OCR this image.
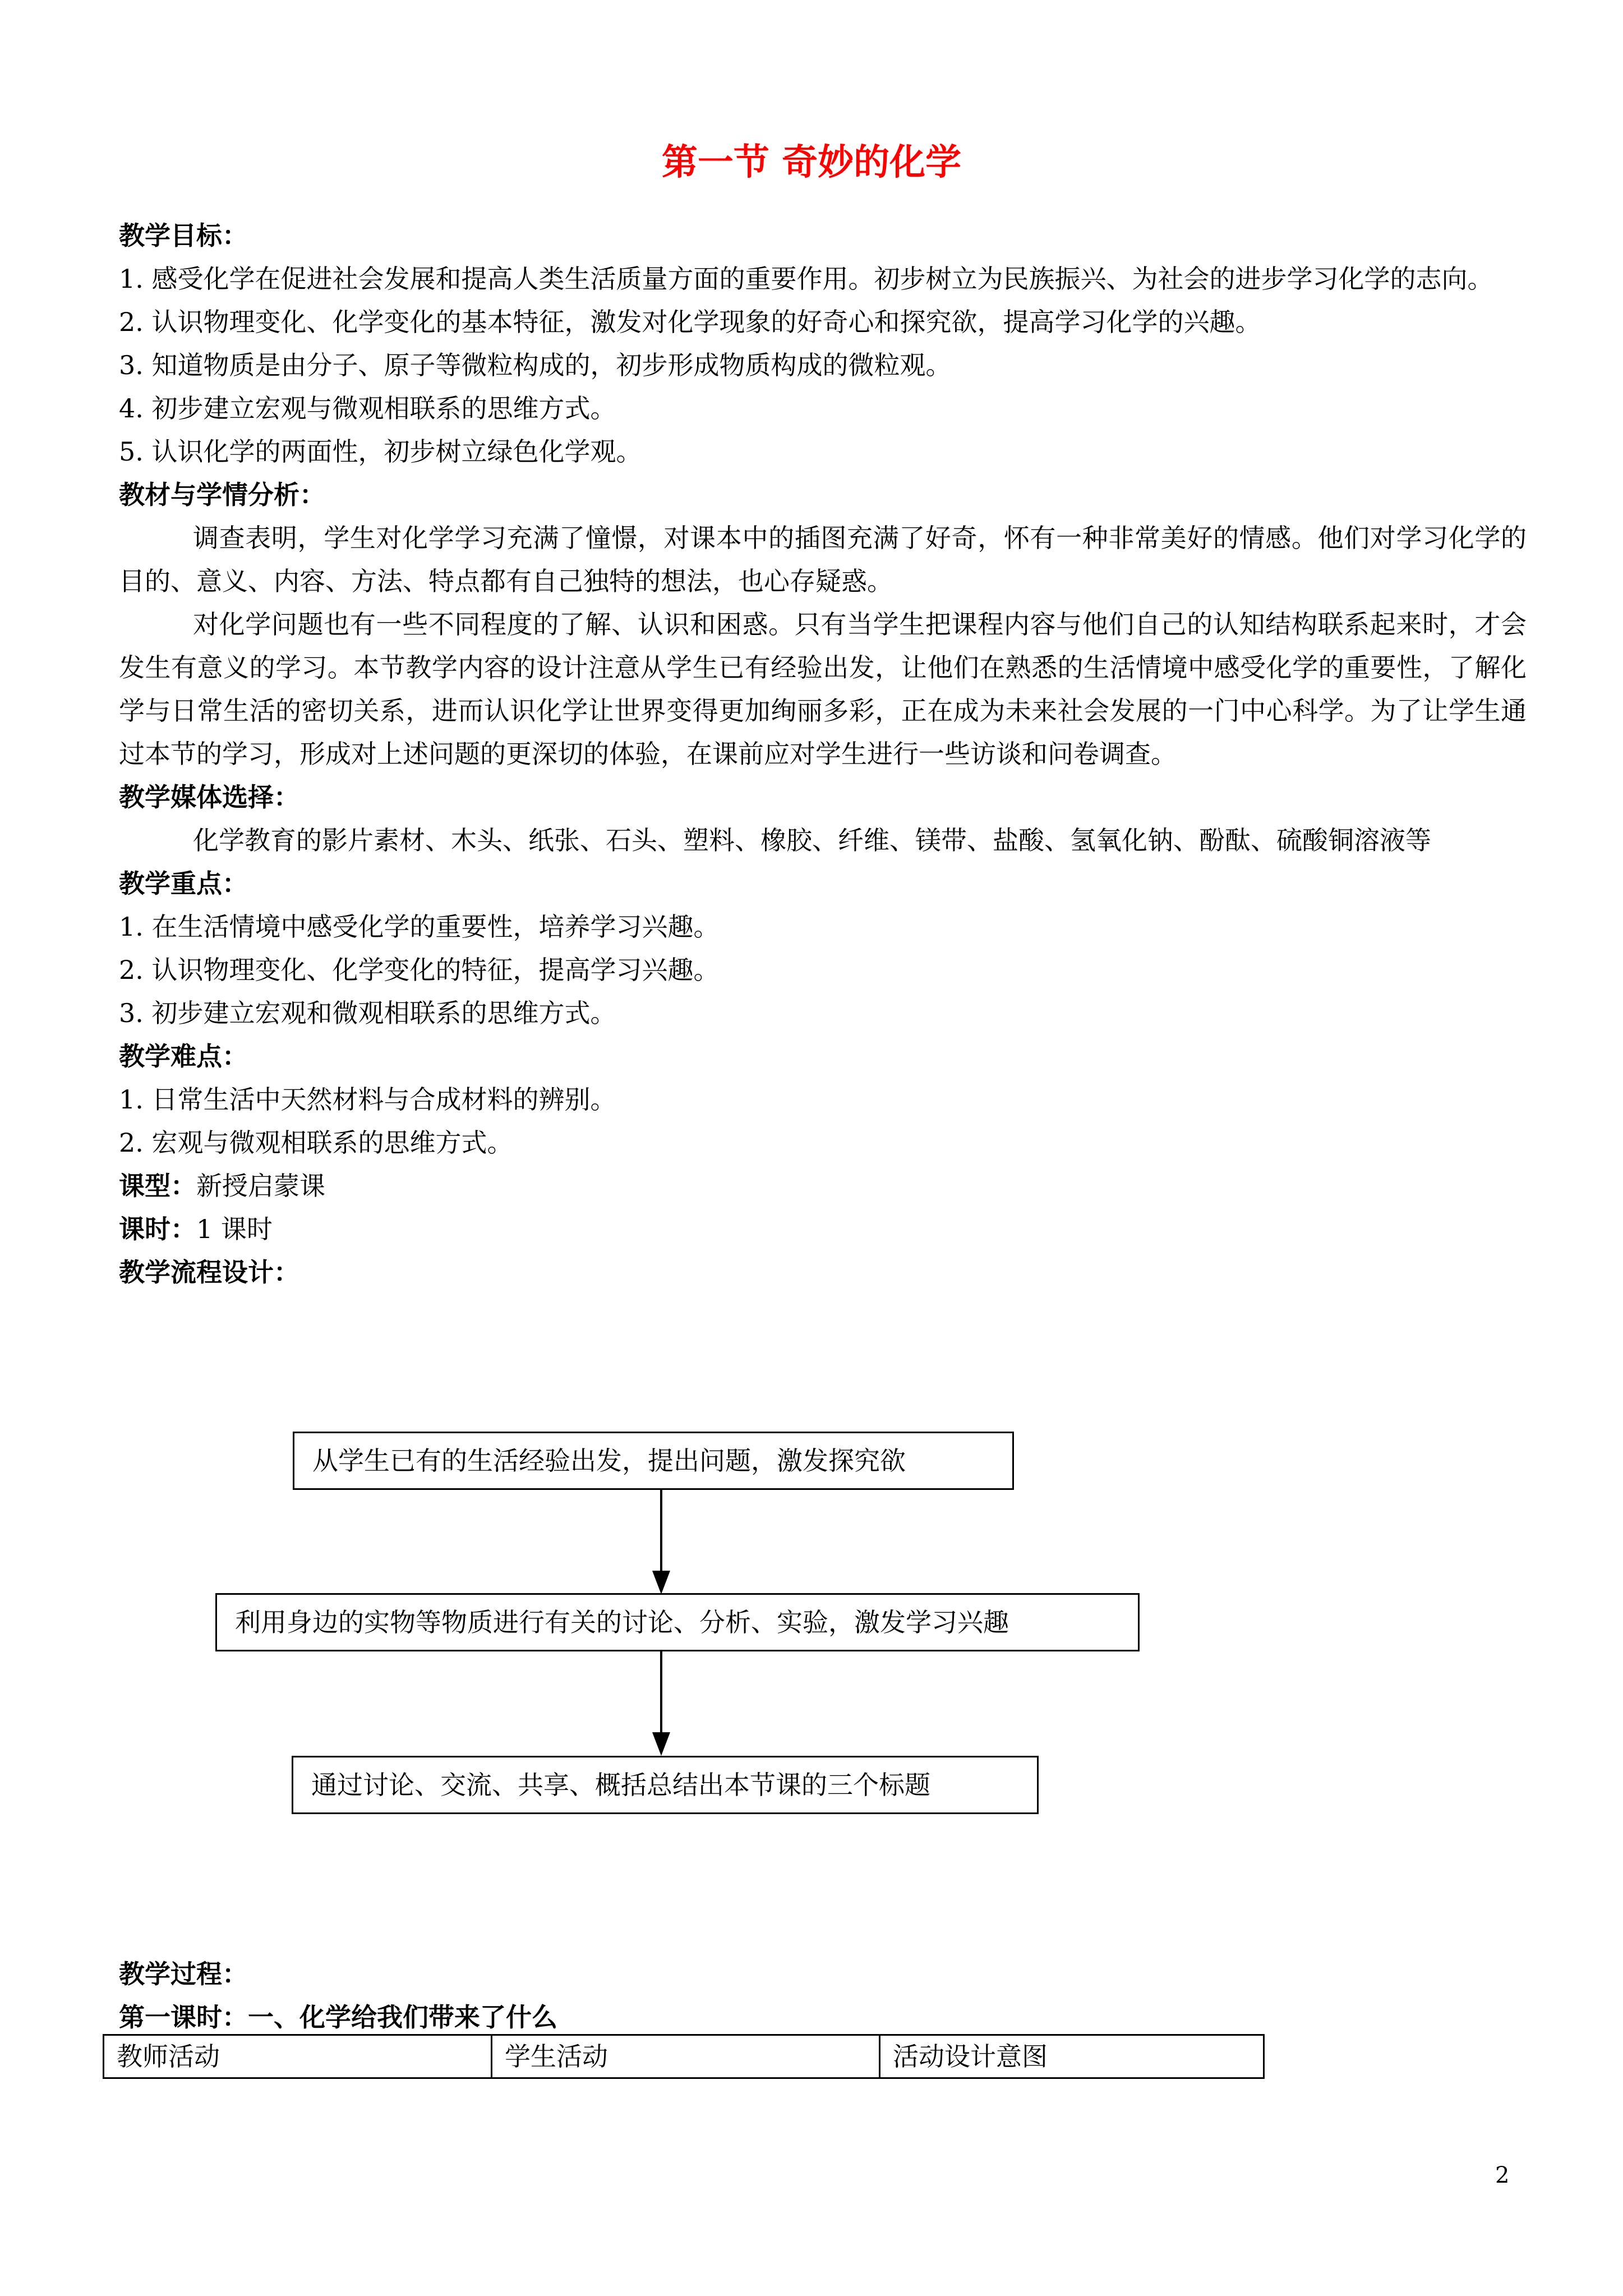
第一节 奇妙的化学
教学目标：
1. 感受化学在促进社会发展和提高人类生活质量方面的重要作用。初步树立为民族振兴、为社会的进步学习化学的志向。
2. 认识物理变化、化学变化的基本特征，激发对化学现象的好奇心和探究欲，提高学习化学的兴趣。
3. 知道物质是由分子、原子等微粒构成的，初步形成物质构成的微粒观。
4. 初步建立宏观与微观相联系的思维方式。
5. 认识化学的两面性，初步树立绿色化学观。
教材与学情分析：
调查表明，学生对化学学习充满了憧憬，对课本中的插图充满了好奇，怀有一种非常美好的情感。他们对学习化学的目的、意义、内容、方法、特点都有自己独特的想法，也心存疑惑。
对化学问题也有一些不同程度的了解、认识和困惑。只有当学生把课程内容与他们自己的认知结构联系起来时，才会发生有意义的学习。本节教学内容的设计注意从学生已有经验出发，让他们在熟悉的生活情境中感受化学的重要性，了解化学与日常生活的密切关系，进而认识化学让世界变得更加绚丽多彩，正在成为未来社会发展的一门中心科学。为了让学生通过本节的学习，形成对上述问题的更深切的体验，在课前应对学生进行一些访谈和问卷调查。
教学媒体选择：
化学教育的影片素材、木头、纸张、石头、塑料、橡胶、纤维、镁带、盐酸、氢氧化钠、酚酞、硫酸铜溶液等
教学重点：
1. 在生活情境中感受化学的重要性，培养学习兴趣。
2. 认识物理变化、化学变化的特征，提高学习兴趣。
3. 初步建立宏观和微观相联系的思维方式。
教学难点：
1. 日常生活中天然材料与合成材料的辨别。
2. 宏观与微观相联系的思维方式。
课型：新授启蒙课
课时：1 课时
教学流程设计：
从学生已有的生活经验出发，提出问题，激发探究欲
利用身边的实物等物质进行有关的讨论、分析、实验，激发学习兴趣
通过讨论、交流、共享、概括总结出本节课的三个标题
教学过程：
第一课时：一、化学给我们带来了什么
教师活动	学生活动	活动设计意图
2
